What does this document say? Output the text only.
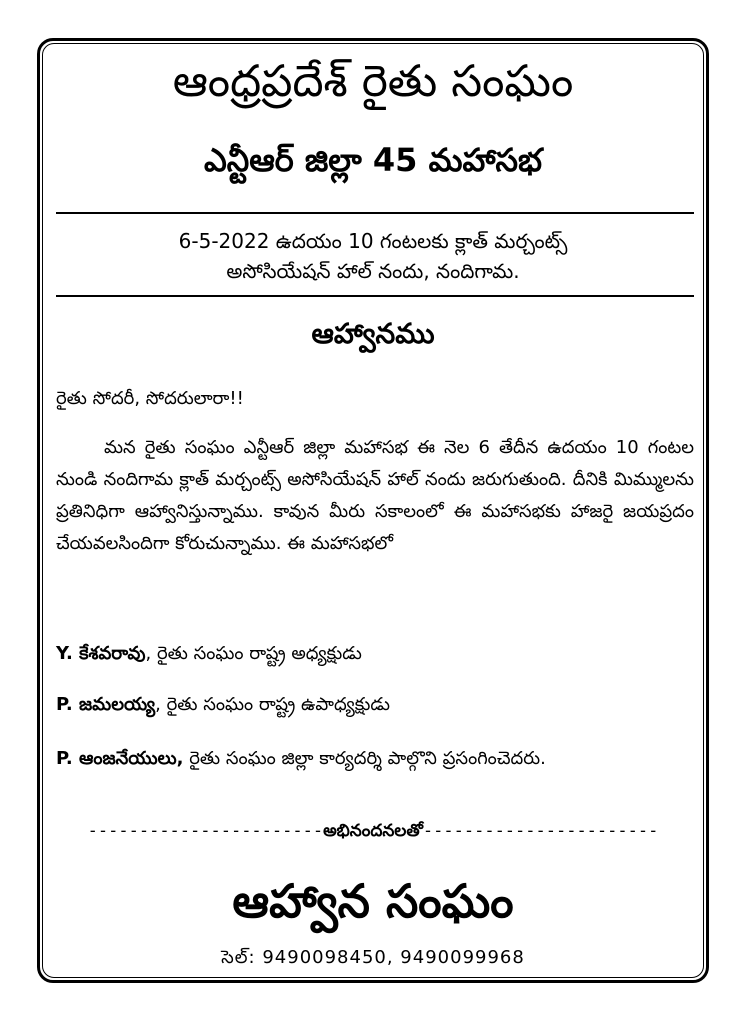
ఆంధ్రప్రదేశ్ రైతు సంఘం
ఎన్టీఆర్ జిల్లా 45 మహాసభ
6-5-2022 ఉదయం 10 గంటలకు క్లాత్ మర్చంట్స్
అసోసియేషన్ హాల్ నందు, నందిగామ.
ఆహ్వానము
రైతు సోదరీ, సోదరులారా!!
మన రైతు సంఘం ఎన్టీఆర్ జిల్లా మహాసభ ఈ నెల 6 తేదీన ఉదయం 10 గంటల నుండి నందిగామ క్లాత్ మర్చంట్స్ అసోసియేషన్ హాల్ నందు జరుగుతుంది. దీనికి మిమ్ములను ప్రతినిధిగా ఆహ్వానిస్తున్నాము. కావున మీరు సకాలంలో ఈ మహాసభకు హాజరై జయప్రదం చేయవలసిందిగా కోరుచున్నాము. ఈ మహాసభలో
Y. కేశవరావు, రైతు సంఘం రాష్ట్ర అధ్యక్షుడు
P. జమలయ్య, రైతు సంఘం రాష్ట్ర ఉపాధ్యక్షుడు
P. ఆంజనేయులు, రైతు సంఘం జిల్లా కార్యదర్శి పాల్గొని ప్రసంగించెదరు.
-----------------------అభినందనలతో-----------------------
ఆహ్వాన సంఘం
సెల్: 9490098450, 9490099968
